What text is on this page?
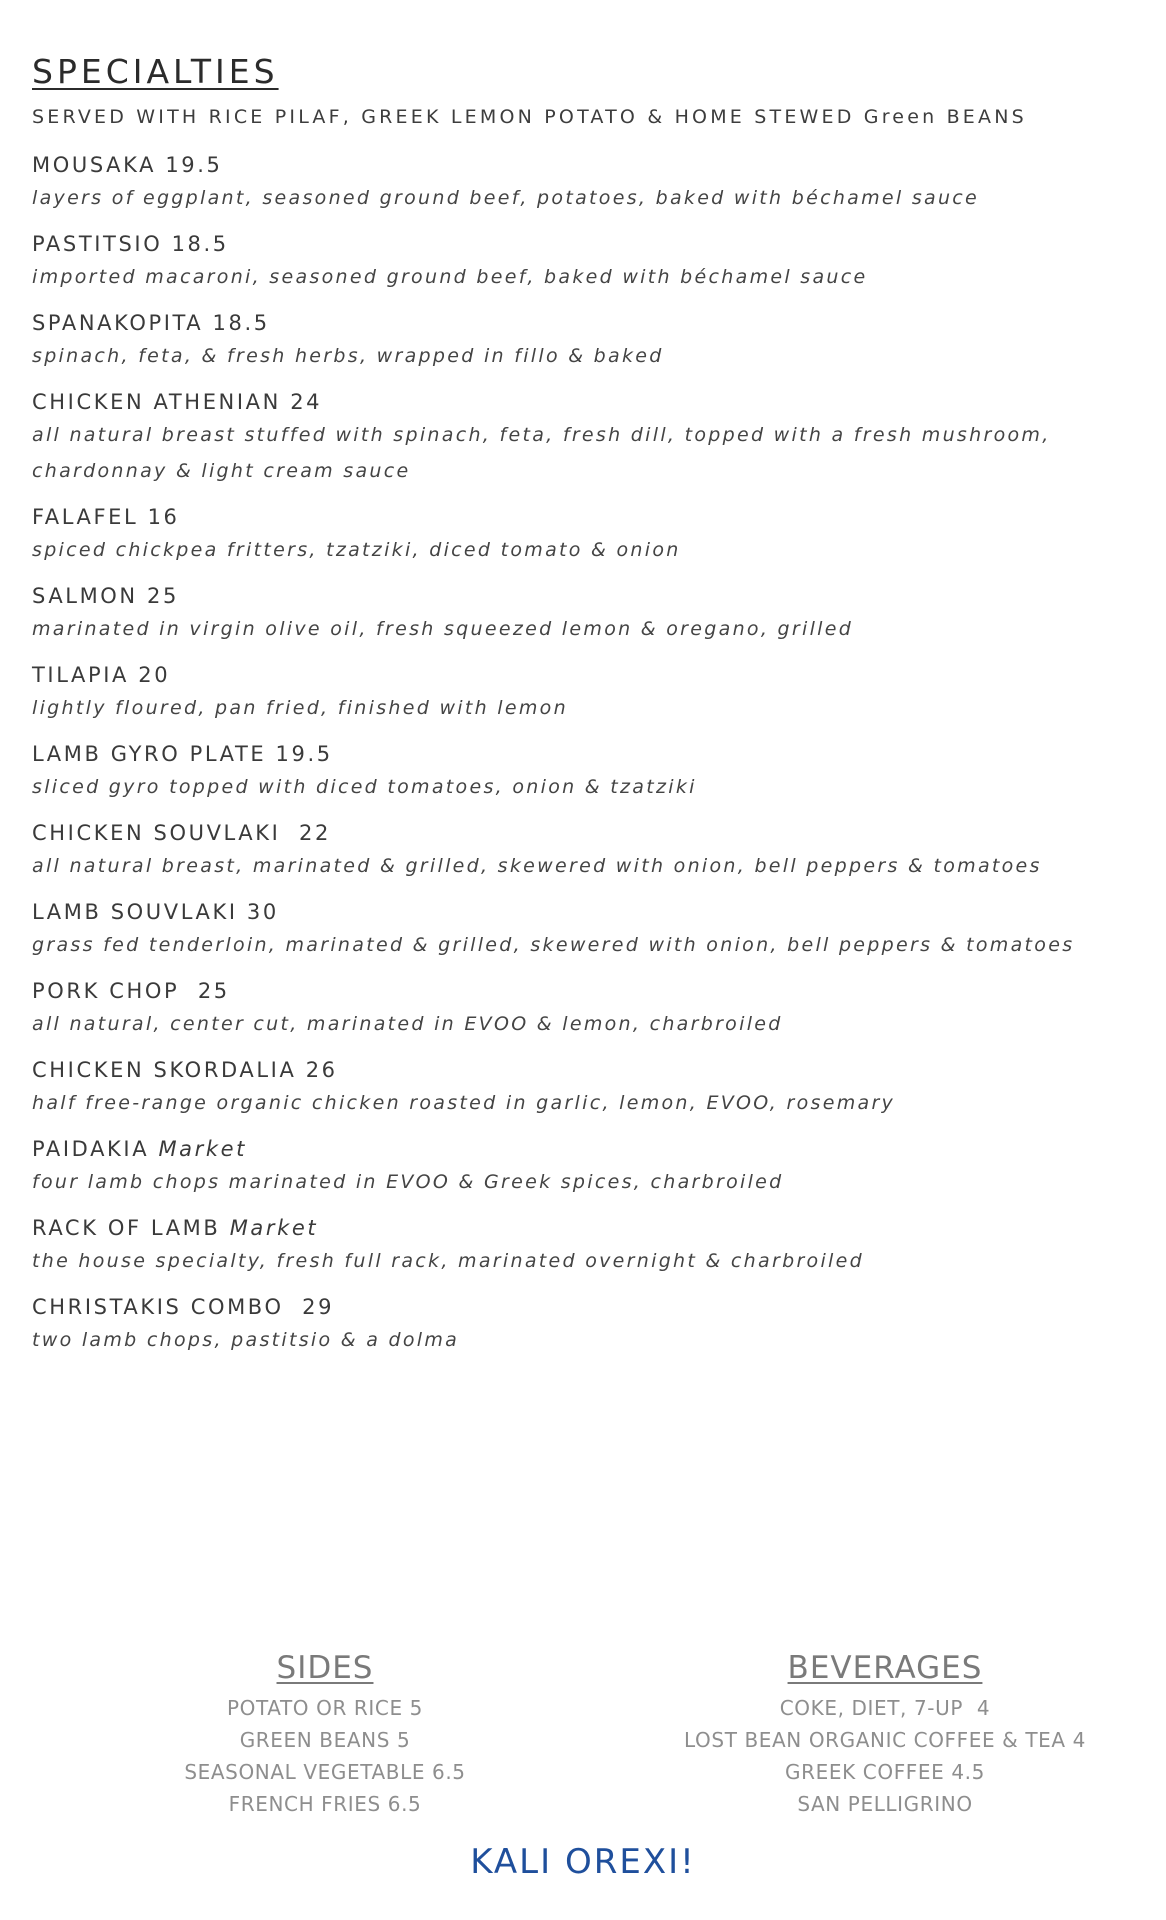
SPECIALTIES
SERVED WITH RICE PILAF, GREEK LEMON POTATO & HOME STEWED Green BEANS
MOUSAKA 19.5
layers of eggplant, seasoned ground beef, potatoes, baked with béchamel sauce
PASTITSIO 18.5
imported macaroni, seasoned ground beef, baked with béchamel sauce
SPANAKOPITA 18.5
spinach, feta, & fresh herbs, wrapped in fillo & baked
CHICKEN ATHENIAN 24
all natural breast stuffed with spinach, feta, fresh dill, topped with a fresh mushroom, chardonnay & light cream sauce
FALAFEL 16
spiced chickpea fritters, tzatziki, diced tomato & onion
SALMON 25
marinated in virgin olive oil, fresh squeezed lemon & oregano, grilled
TILAPIA 20
lightly floured, pan fried, finished with lemon
LAMB GYRO PLATE 19.5
sliced gyro topped with diced tomatoes, onion & tzatziki
CHICKEN SOUVLAKI  22
all natural breast, marinated & grilled, skewered with onion, bell peppers & tomatoes
LAMB SOUVLAKI 30
grass fed tenderloin, marinated & grilled, skewered with onion, bell peppers & tomatoes
PORK CHOP  25
all natural, center cut, marinated in EVOO & lemon, charbroiled
CHICKEN SKORDALIA 26
half free-range organic chicken roasted in garlic, lemon, EVOO, rosemary
PAIDAKIA Market
four lamb chops marinated in EVOO & Greek spices, charbroiled
RACK OF LAMB Market
the house specialty, fresh full rack, marinated overnight & charbroiled
CHRISTAKIS COMBO  29
two lamb chops, pastitsio & a dolma
SIDES
POTATO OR RICE 5
GREEN BEANS 5
SEASONAL VEGETABLE 6.5
FRENCH FRIES 6.5
BEVERAGES
COKE, DIET, 7-UP  4
LOST BEAN ORGANIC COFFEE & TEA 4
GREEK COFFEE 4.5
SAN PELLIGRINO
KALI OREXI!
